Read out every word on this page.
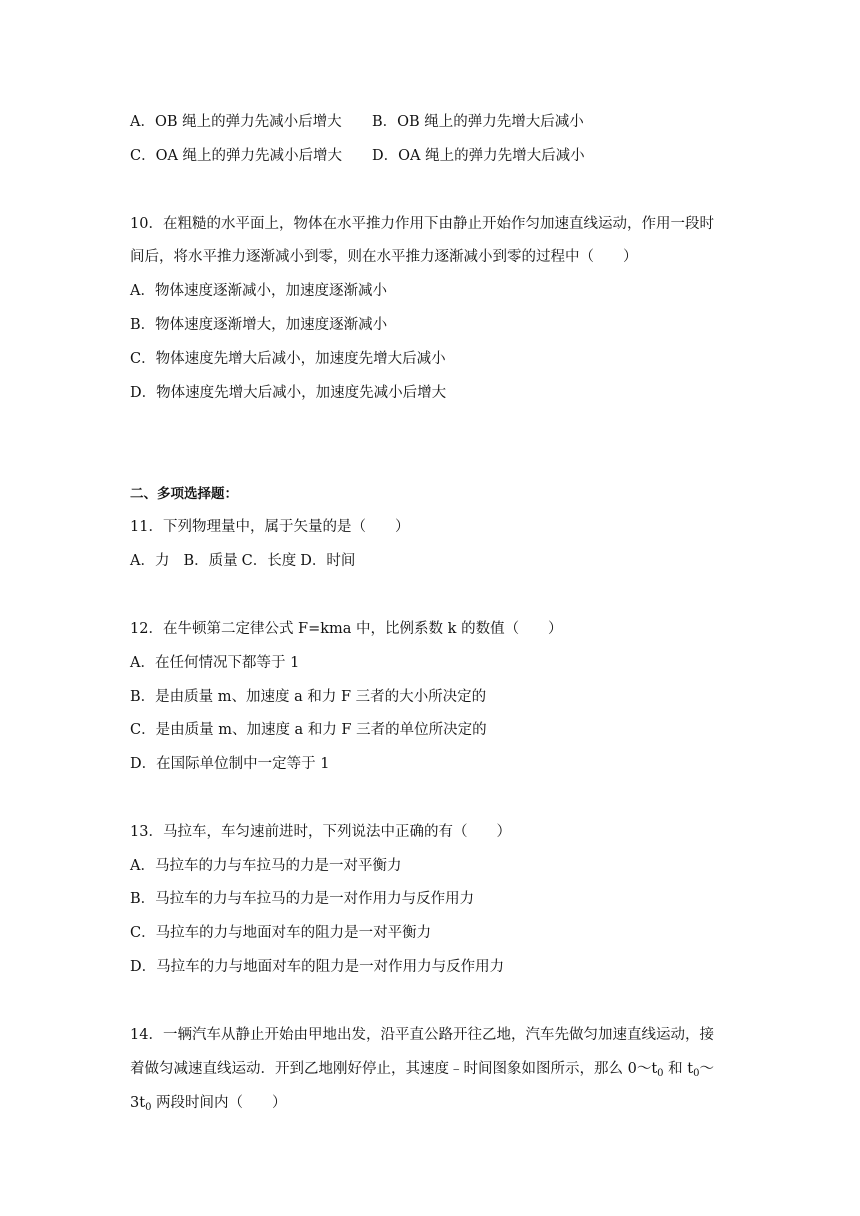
A．OB 绳上的弹力先减小后增大 B．OB 绳上的弹力先增大后减小
C．OA 绳上的弹力先减小后增大 D．OA 绳上的弹力先增大后减小
10．在粗糙的水平面上，物体在水平推力作用下由静止开始作匀加速直线运动，作用一段时
间后，将水平推力逐渐减小到零，则在水平推力逐渐减小到零的过程中（　　）
A．物体速度逐渐减小，加速度逐渐减小
B．物体速度逐渐增大，加速度逐渐减小
C．物体速度先增大后减小，加速度先增大后减小
D．物体速度先增大后减小，加速度先减小后增大
二、多项选择题：
11．下列物理量中，属于矢量的是（　　）
A．力 B．质量 C．长度 D．时间
12．在牛顿第二定律公式 F=kma 中，比例系数 k 的数值（　　）
A．在任何情况下都等于 1
B．是由质量 m、加速度 a 和力 F 三者的大小所决定的
C．是由质量 m、加速度 a 和力 F 三者的单位所决定的
D．在国际单位制中一定等于 1
13．马拉车，车匀速前进时，下列说法中正确的有（　　）
A．马拉车的力与车拉马的力是一对平衡力
B．马拉车的力与车拉马的力是一对作用力与反作用力
C．马拉车的力与地面对车的阻力是一对平衡力
D．马拉车的力与地面对车的阻力是一对作用力与反作用力
14．一辆汽车从静止开始由甲地出发，沿平直公路开往乙地，汽车先做匀加速直线运动，接
着做匀减速直线运动．开到乙地刚好停止，其速度﹣时间图象如图所示，那么 $0\sim t_0$ 和 $t_0\sim$
$3t_0$ 两段时间内（　　）
